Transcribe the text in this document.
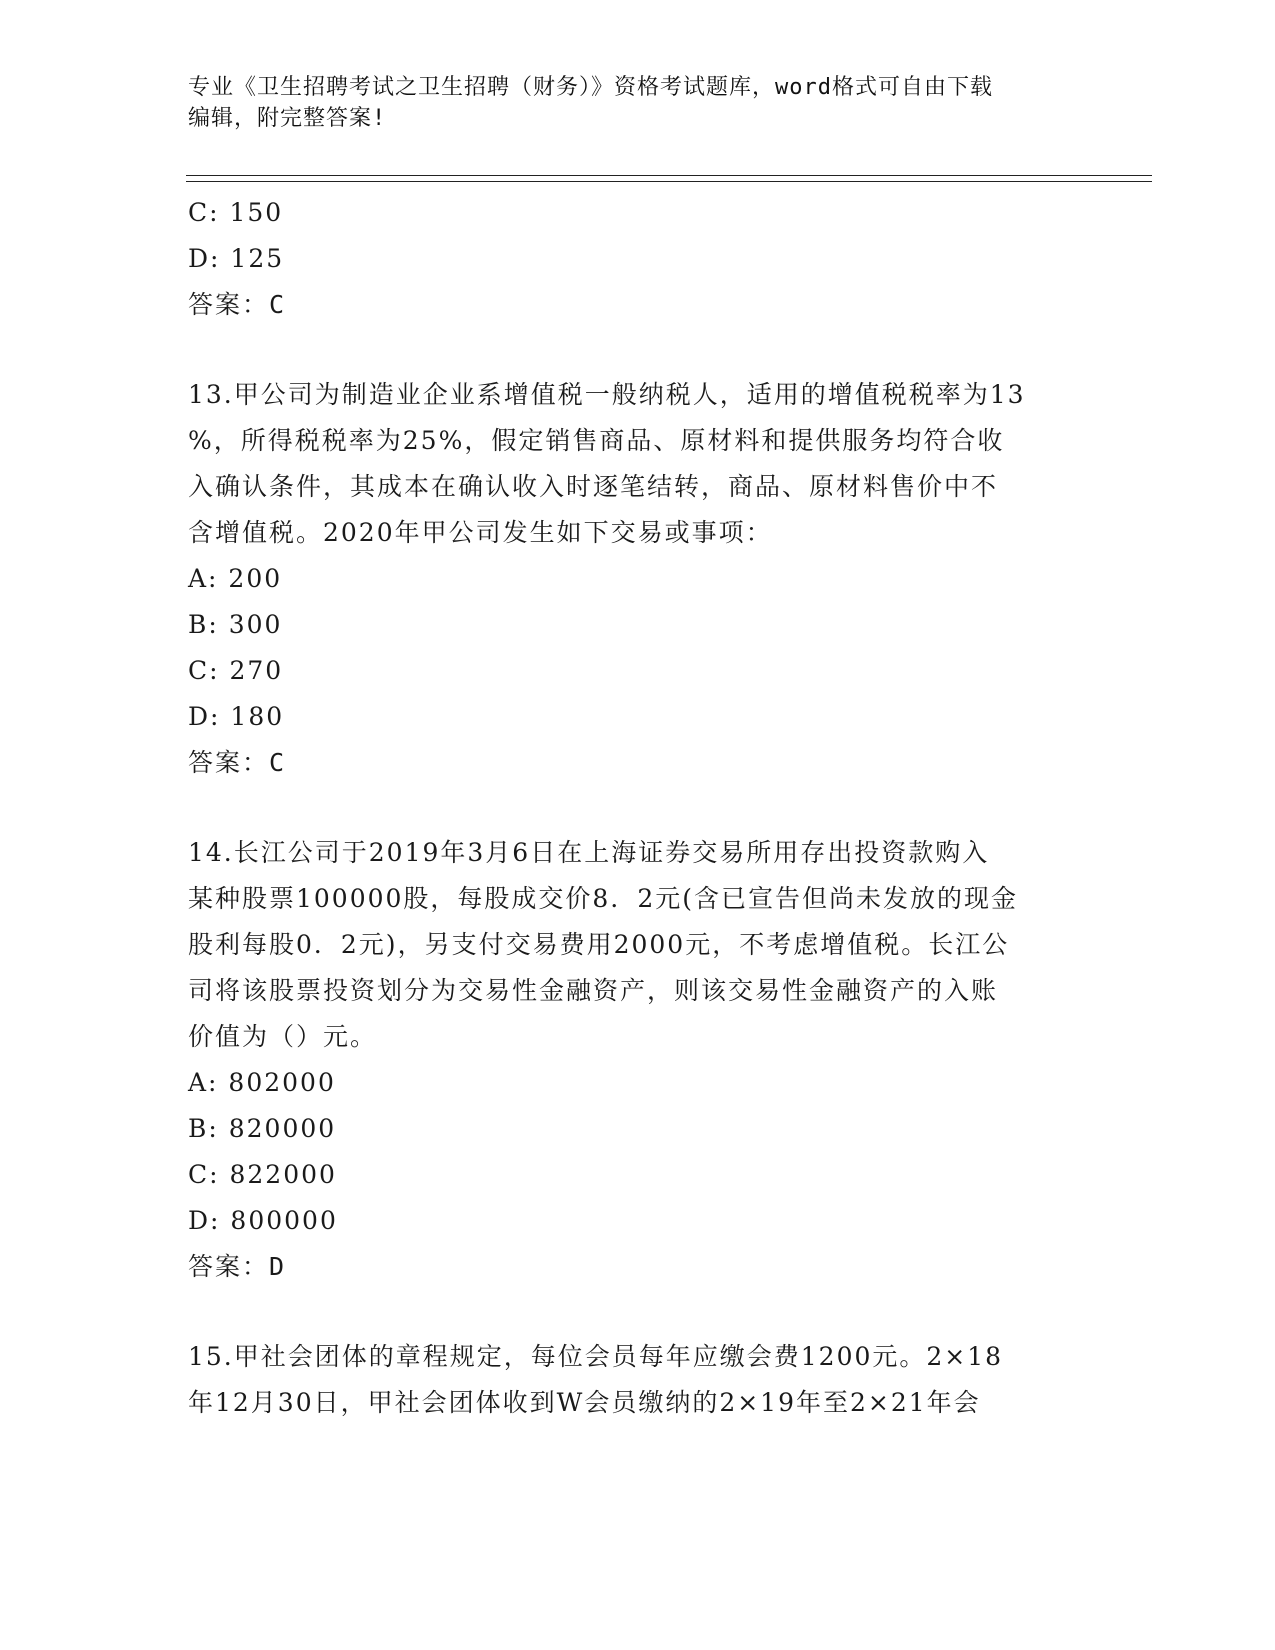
专业《卫生招聘考试之卫生招聘（财务）》资格考试题库，word格式可自由下载
编辑，附完整答案!
C: 150
D: 125
答案：C
13.甲公司为制造业企业系增值税一般纳税人，适用的增值税税率为13
%，所得税税率为25%，假定销售商品、原材料和提供服务均符合收
入确认条件，其成本在确认收入时逐笔结转，商品、原材料售价中不
含增值税。2020年甲公司发生如下交易或事项：
A: 200
B: 300
C: 270
D: 180
答案：C
14.长江公司于2019年3月6日在上海证券交易所用存出投资款购入
某种股票100000股，每股成交价8．2元(含已宣告但尚未发放的现金
股利每股0．2元)，另支付交易费用2000元，不考虑增值税。长江公
司将该股票投资划分为交易性金融资产，则该交易性金融资产的入账
价值为（）元。
A: 802000
B: 820000
C: 822000
D: 800000
答案：D
15.甲社会团体的章程规定，每位会员每年应缴会费1200元。2×18
年12月30日，甲社会团体收到W会员缴纳的2×19年至2×21年会
